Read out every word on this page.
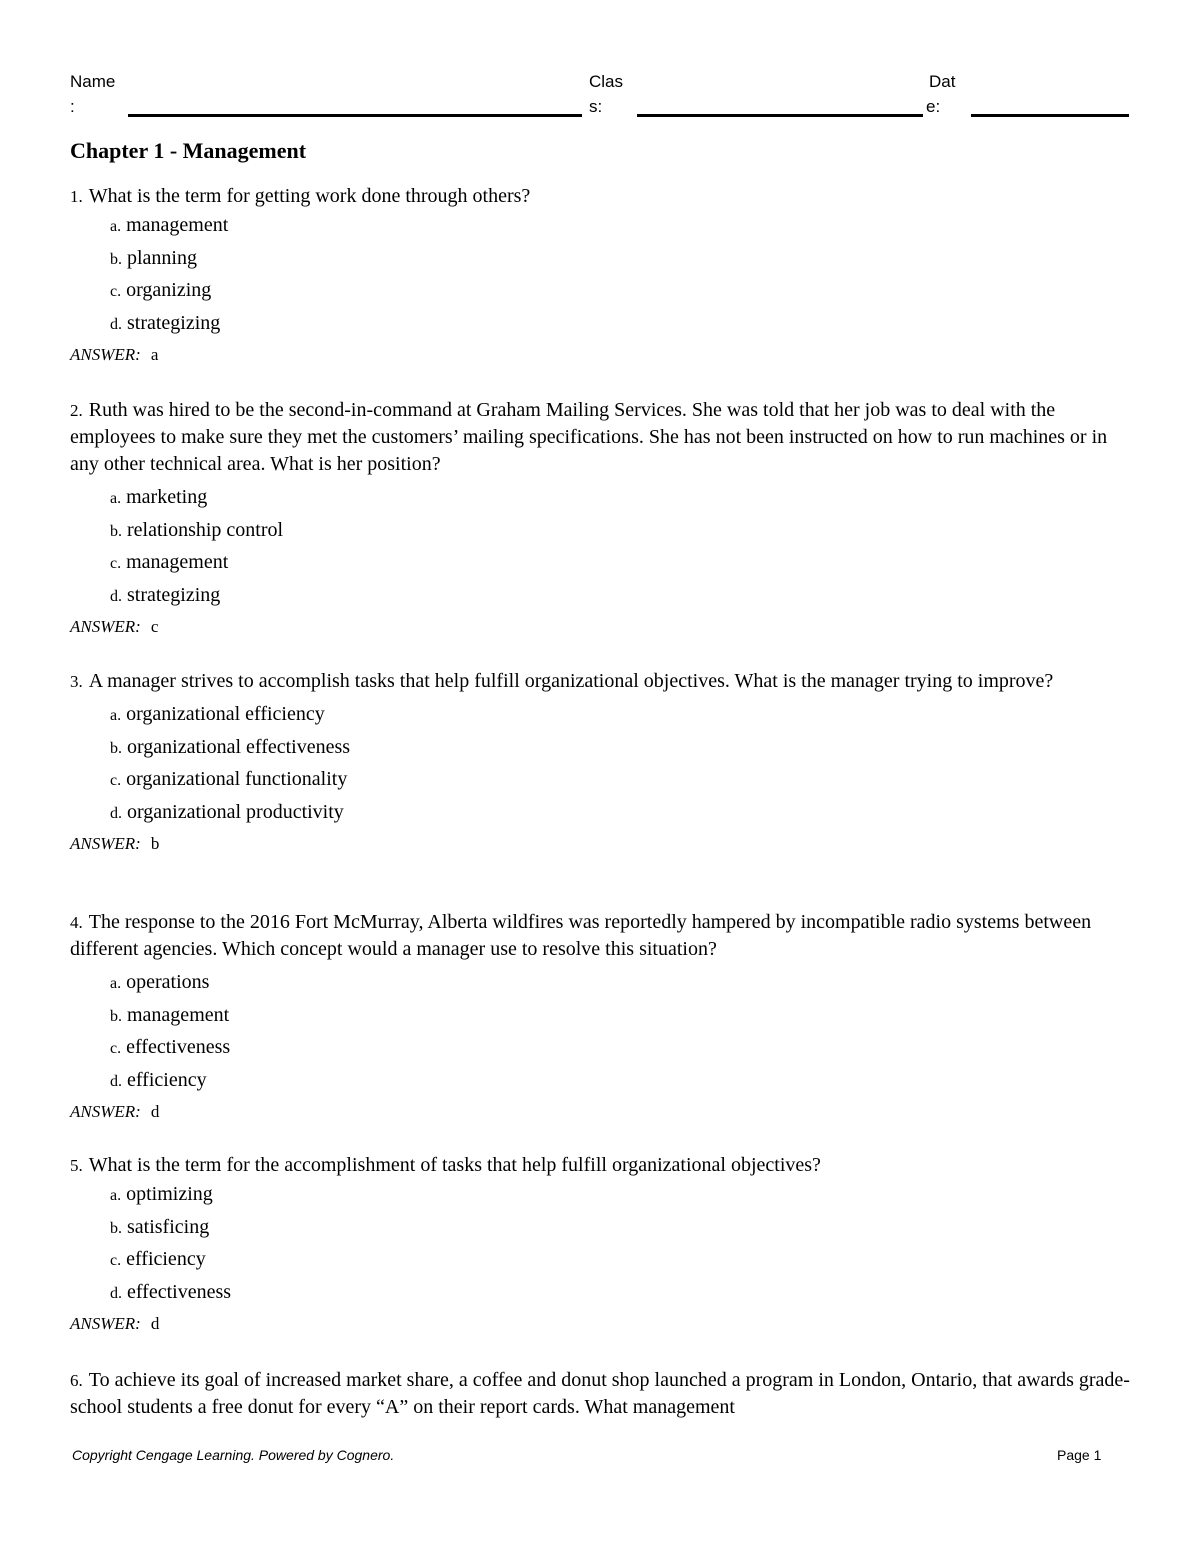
Name
:
Clas
s:
Dat
e:
Chapter 1 - Management

1. What is the term for getting work done through others?

a. management
b. planning
c. organizing
d. strategizing
ANSWER: a

2. Ruth was hired to be the second-in-command at Graham Mailing Services. She was told that her job was to deal with the employees to make sure they met the customers’ mailing specifications. She has not been instructed on how to run machines or in any other technical area. What is her position?

a. marketing
b. relationship control
c. management
d. strategizing
ANSWER: c

3. A manager strives to accomplish tasks that help fulfill organizational objectives. What is the manager trying to improve?

a. organizational efficiency
b. organizational effectiveness
c. organizational functionality
d. organizational productivity
ANSWER: b

4. The response to the 2016 Fort McMurray, Alberta wildfires was reportedly hampered by incompatible radio systems between different agencies. Which concept would a manager use to resolve this situation?

a. operations
b. management
c. effectiveness
d. efficiency
ANSWER: d

5. What is the term for the accomplishment of tasks that help fulfill organizational objectives?

a. optimizing
b. satisficing
c. efficiency
d. effectiveness
ANSWER: d

6. To achieve its goal of increased market share, a coffee and donut shop launched a program in London, Ontario, that awards grade-school students a free donut for every “A” on their report cards. What management

Copyright Cengage Learning. Powered by Cognero.	Page 1
